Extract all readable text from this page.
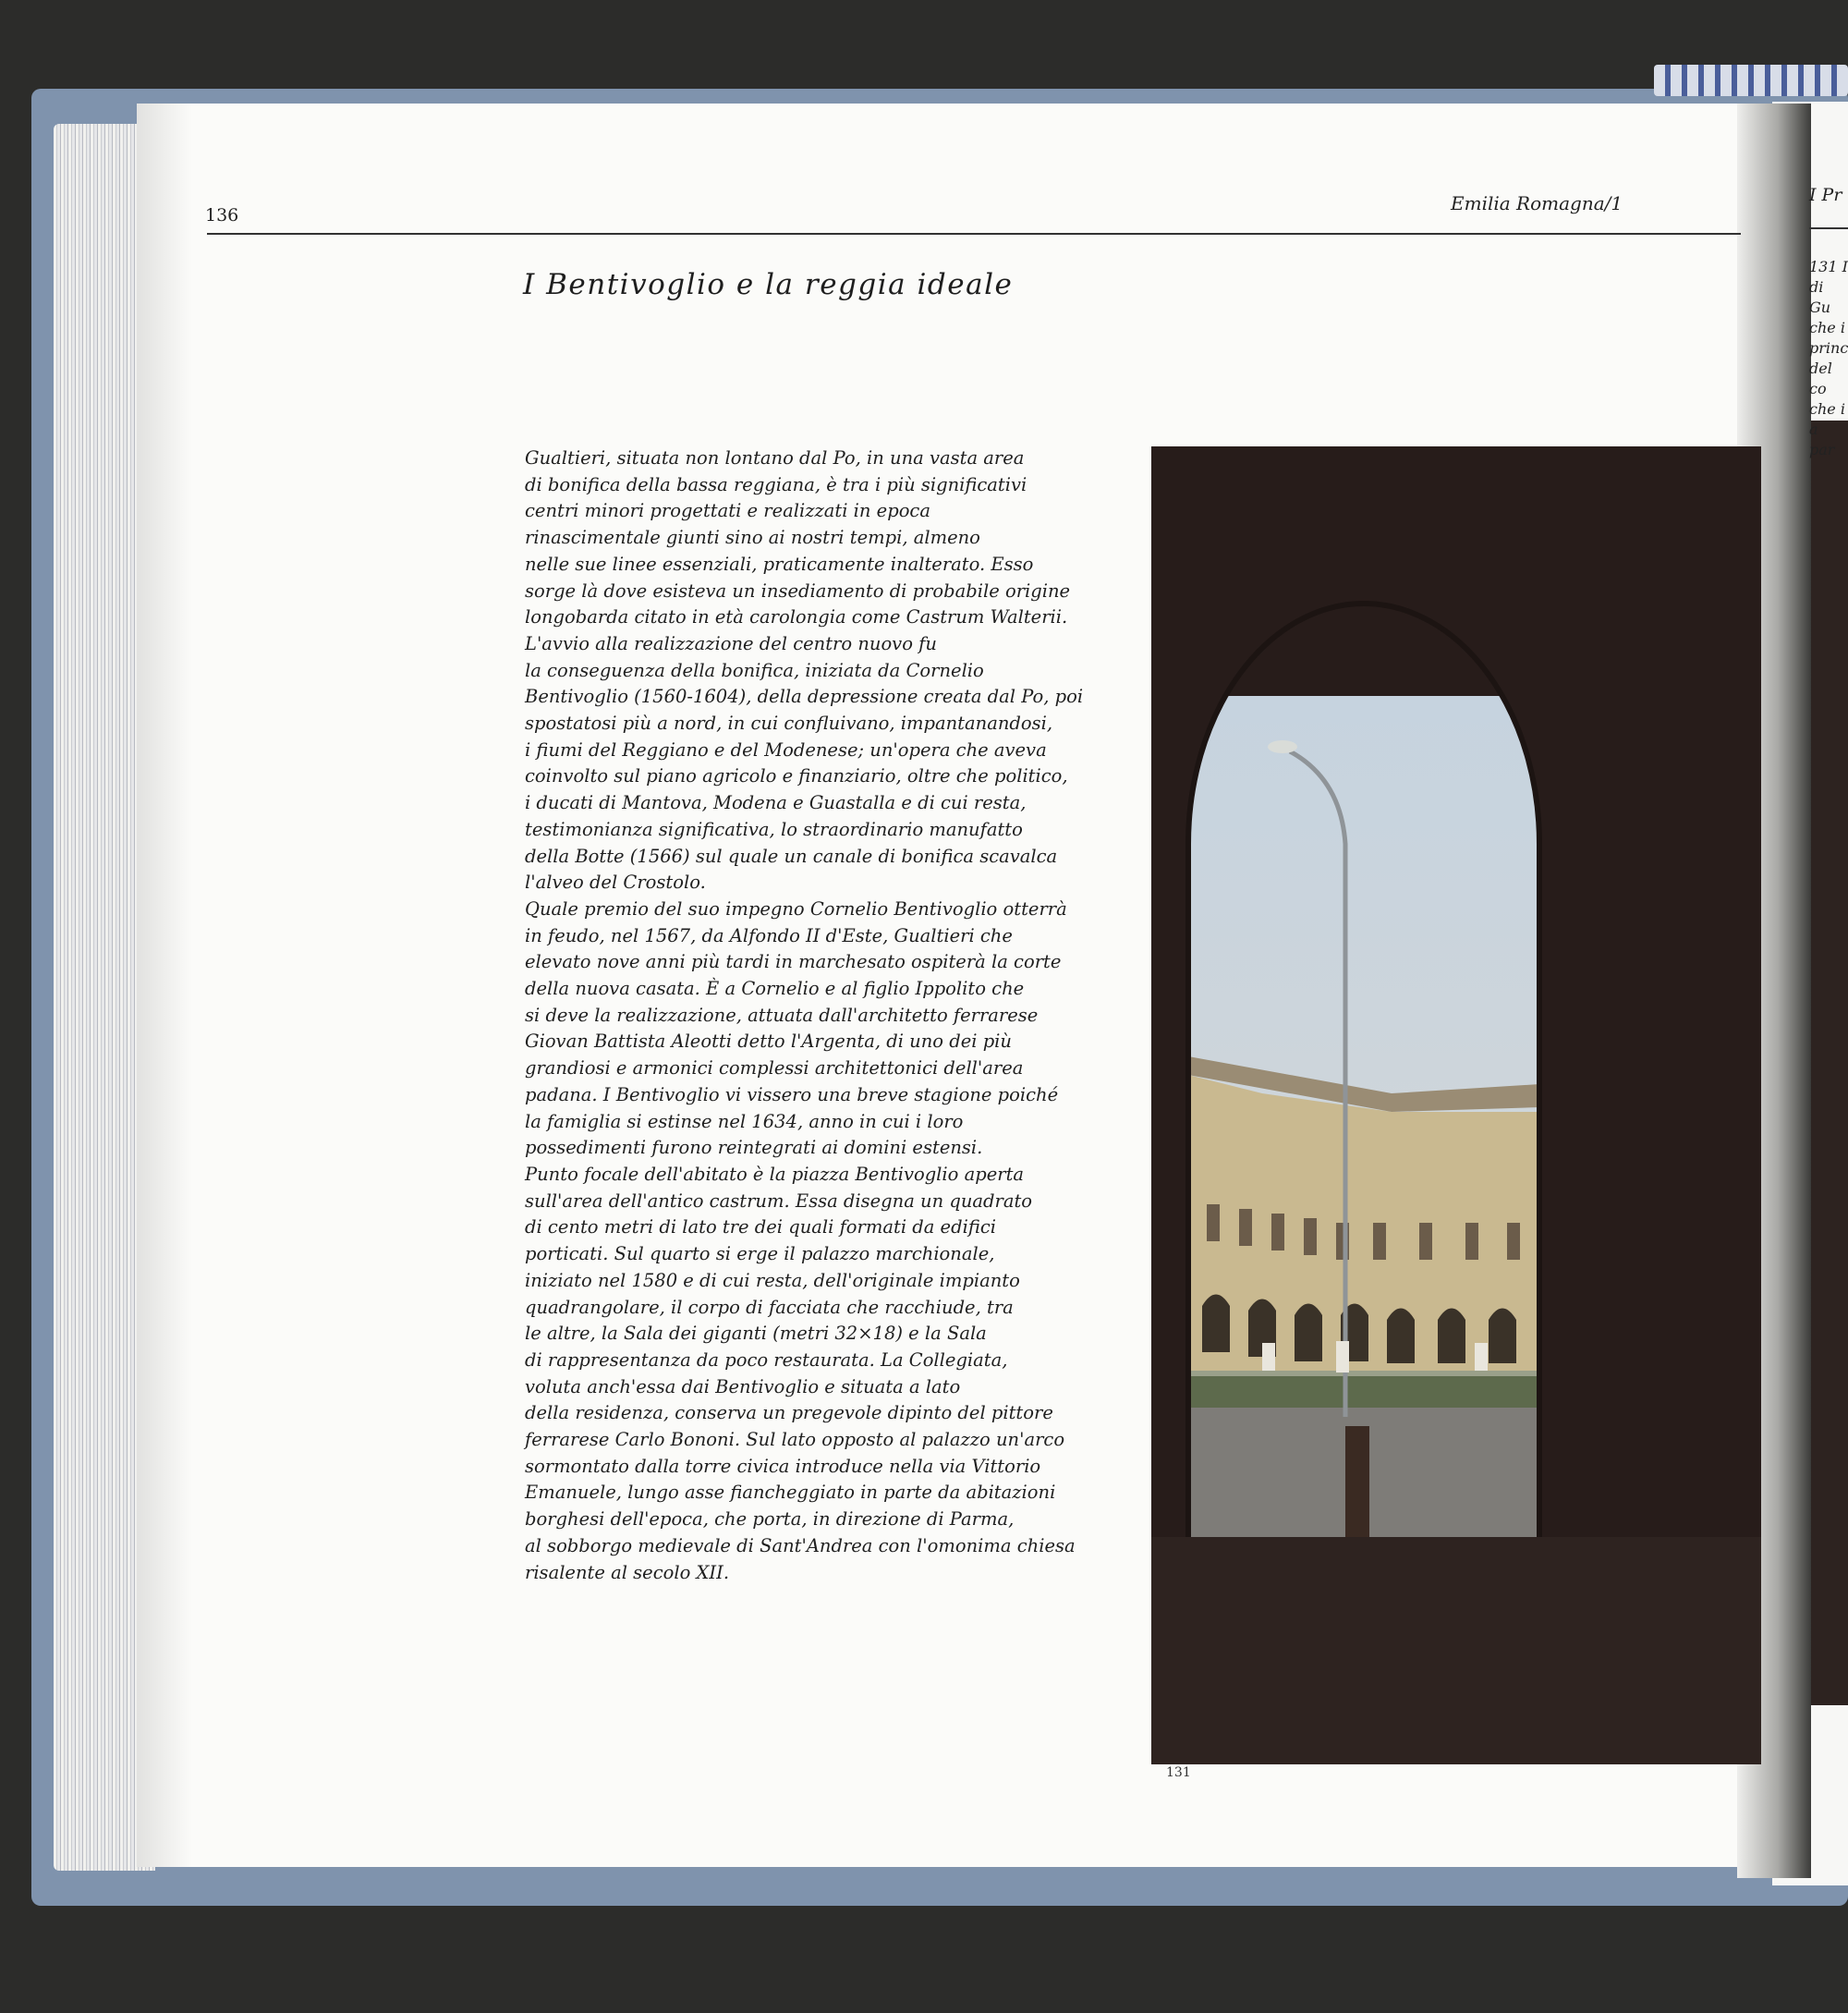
136
Emilia Romagna/1
I Bentivoglio e la reggia ideale
Gualtieri, situata non lontano dal Po, in una vasta area
di bonifica della bassa reggiana, è tra i più significativi
centri minori progettati e realizzati in epoca
rinascimentale giunti sino ai nostri tempi, almeno
nelle sue linee essenziali, praticamente inalterato. Esso
sorge là dove esisteva un insediamento di probabile origine
longobarda citato in età carolongia come Castrum Walterii.
L'avvio alla realizzazione del centro nuovo fu
la conseguenza della bonifica, iniziata da Cornelio
Bentivoglio (1560-1604), della depressione creata dal Po, poi
spostatosi più a nord, in cui confluivano, impantanandosi,
i fiumi del Reggiano e del Modenese; un'opera che aveva
coinvolto sul piano agricolo e finanziario, oltre che politico,
i ducati di Mantova, Modena e Guastalla e di cui resta,
testimonianza significativa, lo straordinario manufatto
della Botte (1566) sul quale un canale di bonifica scavalca
l'alveo del Crostolo.
Quale premio del suo impegno Cornelio Bentivoglio otterrà
in feudo, nel 1567, da Alfondo II d'Este, Gualtieri che
elevato nove anni più tardi in marchesato ospiterà la corte
della nuova casata. È a Cornelio e al figlio Ippolito che
si deve la realizzazione, attuata dall'architetto ferrarese
Giovan Battista Aleotti detto l'Argenta, di uno dei più
grandiosi e armonici complessi architettonici dell'area
padana. I Bentivoglio vi vissero una breve stagione poiché
la famiglia si estinse nel 1634, anno in cui i loro
possedimenti furono reintegrati ai domini estensi.
Punto focale dell'abitato è la piazza Bentivoglio aperta
sull'area dell'antico castrum. Essa disegna un quadrato
di cento metri di lato tre dei quali formati da edifici
porticati. Sul quarto si erge il palazzo marchionale,
iniziato nel 1580 e di cui resta, dell'originale impianto
quadrangolare, il corpo di facciata che racchiude, tra
le altre, la Sala dei giganti (metri 32×18) e la Sala
di rappresentanza da poco restaurata. La Collegiata,
voluta anch'essa dai Bentivoglio e situata a lato
della residenza, conserva un pregevole dipinto del pittore
ferrarese Carlo Bononi. Sul lato opposto al palazzo un'arco
sormontato dalla torre civica introduce nella via Vittorio
Emanuele, lungo asse fiancheggiato in parte da abitazioni
borghesi dell'epoca, che porta, in direzione di Parma,
al sobborgo medievale di Sant'Andrea con l'omonima chiesa
risalente al secolo XII.
131
I Pr
131 I
di Gu
che i
princ
del co
che i
a par
